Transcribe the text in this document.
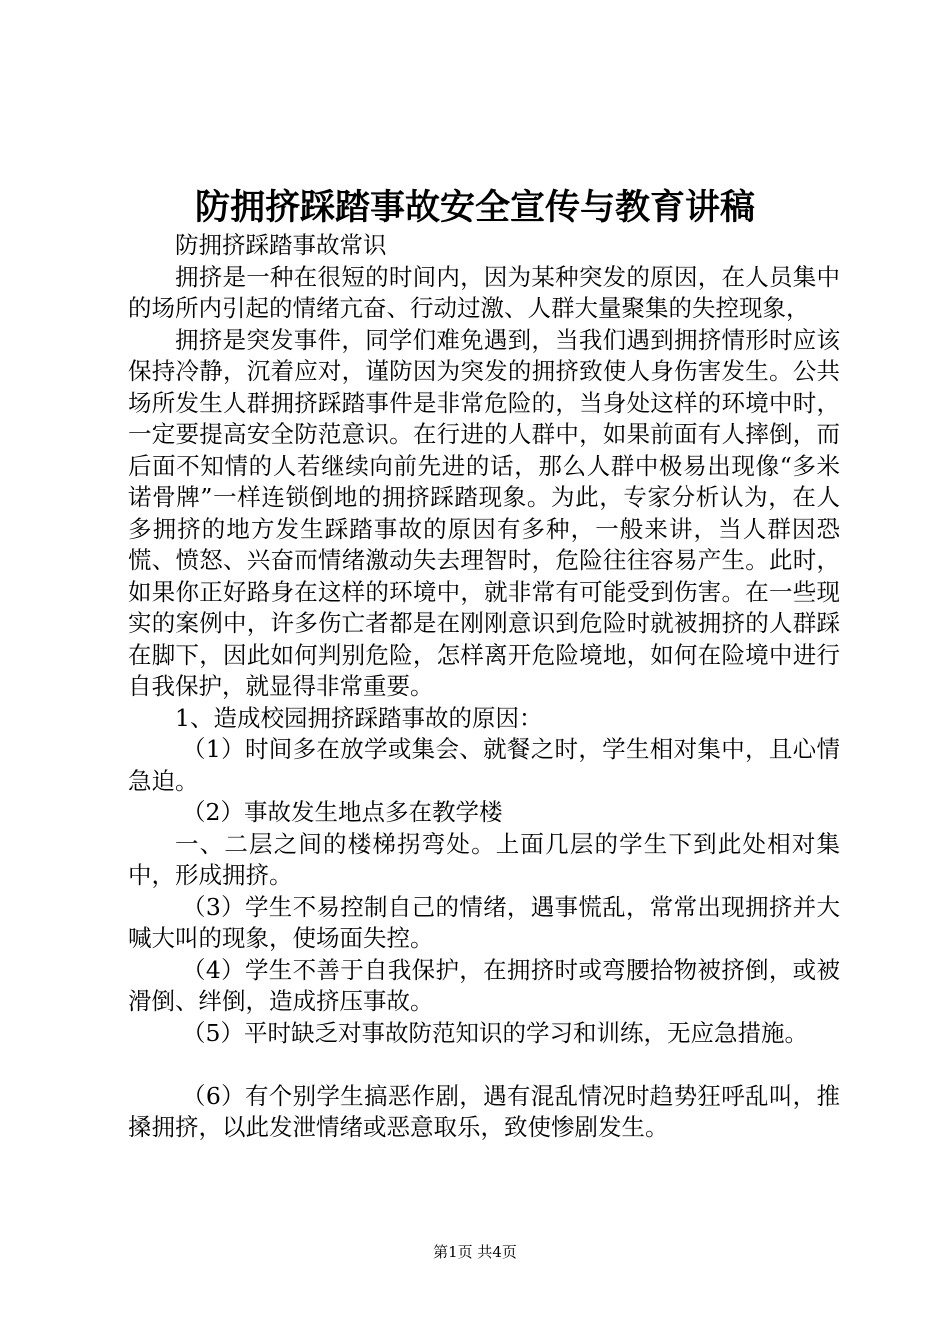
防拥挤踩踏事故安全宣传与教育讲稿

防拥挤踩踏事故常识

拥挤是一种在很短的时间内，因为某种突发的原因，在人员集中的场所内引起的情绪亢奋、行动过激、人群大量聚集的失控现象，

拥挤是突发事件，同学们难免遇到，当我们遇到拥挤情形时应该保持冷静，沉着应对，谨防因为突发的拥挤致使人身伤害发生。公共场所发生人群拥挤踩踏事件是非常危险的，当身处这样的环境中时，一定要提高安全防范意识。在行进的人群中，如果前面有人摔倒，而后面不知情的人若继续向前先进的话，那么人群中极易出现像“多米诺骨牌”一样连锁倒地的拥挤踩踏现象。为此，专家分析认为，在人多拥挤的地方发生踩踏事故的原因有多种，一般来讲，当人群因恐慌、愤怒、兴奋而情绪激动失去理智时，危险往往容易产生。此时，如果你正好路身在这样的环境中，就非常有可能受到伤害。在一些现实的案例中，许多伤亡者都是在刚刚意识到危险时就被拥挤的人群踩在脚下，因此如何判别危险，怎样离开危险境地，如何在险境中进行自我保护，就显得非常重要。

1、造成校园拥挤踩踏事故的原因：

（1）时间多在放学或集会、就餐之时，学生相对集中，且心情急迫。

（2）事故发生地点多在教学楼

一、二层之间的楼梯拐弯处。上面几层的学生下到此处相对集中，形成拥挤。

（3）学生不易控制自己的情绪，遇事慌乱，常常出现拥挤并大喊大叫的现象，使场面失控。

（4）学生不善于自我保护，在拥挤时或弯腰拾物被挤倒，或被滑倒、绊倒，造成挤压事故。

（5）平时缺乏对事故防范知识的学习和训练，无应急措施。

（6）有个别学生搞恶作剧，遇有混乱情况时趋势狂呼乱叫，推搡拥挤，以此发泄情绪或恶意取乐，致使惨剧发生。

第1页 共4页
